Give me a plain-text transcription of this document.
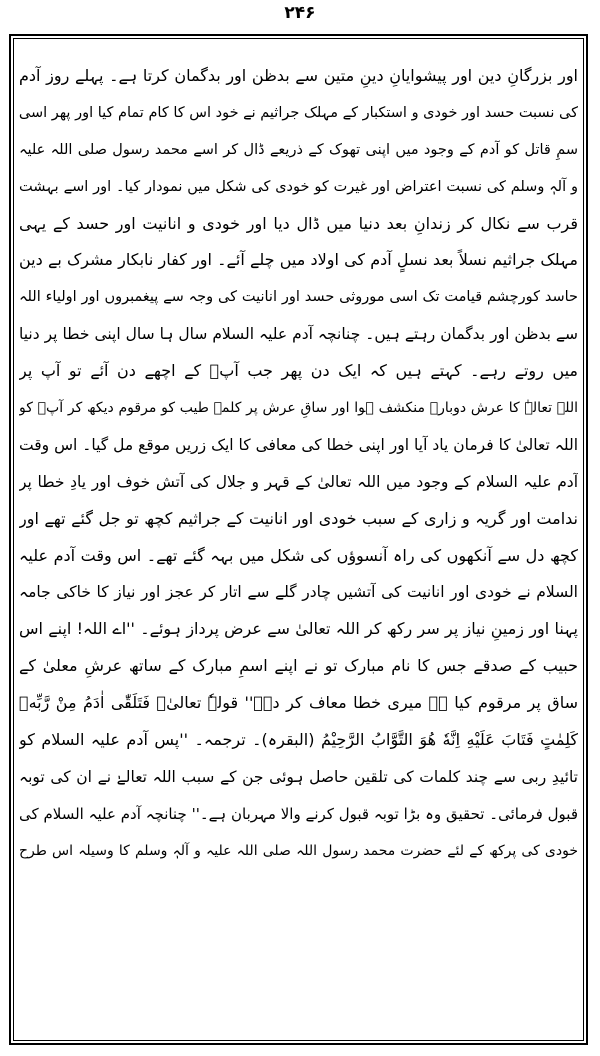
۲۴۶
اور بزرگانِ دین اور پیشوایانِ دینِ متین سے بدظن اور بدگمان کرتا ہے۔ پہلے روز آدم
کی نسبت حسد اور خودی و استکبار کے مہلک جراثیم نے خود اس کا کام تمام کیا اور پھر اسی
سمِ قاتل کو آدم کے وجود میں اپنی تھوک کے ذریعے ڈال کر اسے محمد رسول صلی اللہ علیہ
و آلہٖ وسلم کی نسبت اعتراض اور غیرت کو خودی کی شکل میں نمودار کیا۔ اور اسے بہشت
قرب سے نکال کر زندانِ بعد دنیا میں ڈال دیا اور خودی و انانیت اور حسد کے یہی
مہلک جراثیم نسلاً بعد نسلٍ آدم کی اولاد میں چلے آئے۔ اور کفار نابکار مشرک بے دین
حاسد کورچشم قیامت تک اسی موروثی حسد اور انانیت کی وجہ سے پیغمبروں اور اولیاء اللہ
سے بدظن اور بدگمان رہتے ہیں۔ چنانچہ آدم علیہ السلام سال ہا سال اپنی خطا پر دنیا
میں روتے رہے۔ کہتے ہیں کہ ایک دن پھر جب آپؑ کے اچھے دن آئے تو آپ پر
اللہ تعالےٰ کا عرش دوبارہ منکشف ہوا اور ساقِ عرش پر کلمۂ طیب کو مرقوم دیکھ کر آپؑ کو
اللہ تعالیٰ کا فرمان یاد آیا اور اپنی خطا کی معافی کا ایک زریں موقع مل گیا۔ اس وقت
آدم علیہ السلام کے وجود میں اللہ تعالیٰ کے قہر و جلال کی آتش خوف اور یادِ خطا پر
ندامت اور گریہ و زاری کے سبب خودی اور انانیت کے جراثیم کچھ تو جل گئے تھے اور
کچھ دل سے آنکھوں کی راہ آنسوؤں کی شکل میں بہہ گئے تھے۔ اس وقت آدم علیہ
السلام نے خودی اور انانیت کی آتشیں چادر گلے سے اتار کر عجز اور نیاز کا خاکی جامہ
پہنا اور زمینِ نیاز پر سر رکھ کر اللہ تعالیٰ سے عرض پرداز ہوئے۔ ''اے اللہ! اپنے اس
حبیب کے صدقے جس کا نام مبارک تو نے اپنے اسمِ مبارک کے ساتھ عرشِ معلیٰ کے
ساق پر مرقوم کیا ہے میری خطا معاف کر دے۔'' قولہٗ تعالیٰ۔ فَتَلَقّٰی اٰدَمُ مِنْ رَّبِّهٖ
کَلِمٰتٍ فَتَابَ عَلَيْهِ اِنَّهٗ هُوَ التَّوَّابُ الرَّحِيْمُ (البقرہ)۔ ترجمہ۔ ''پس آدم علیہ السلام کو
تائیدِ ربی سے چند کلمات کی تلقین حاصل ہوئی جن کے سبب اللہ تعالےٰ نے ان کی توبہ
قبول فرمائی۔ تحقیق وہ بڑا توبہ قبول کرنے والا مہربان ہے۔'' چنانچہ آدم علیہ السلام کی
خودی کی پرکھ کے لئے حضرت محمد رسول اللہ صلی اللہ علیہ و آلہٖ وسلم کا وسیلہ اس طرح
